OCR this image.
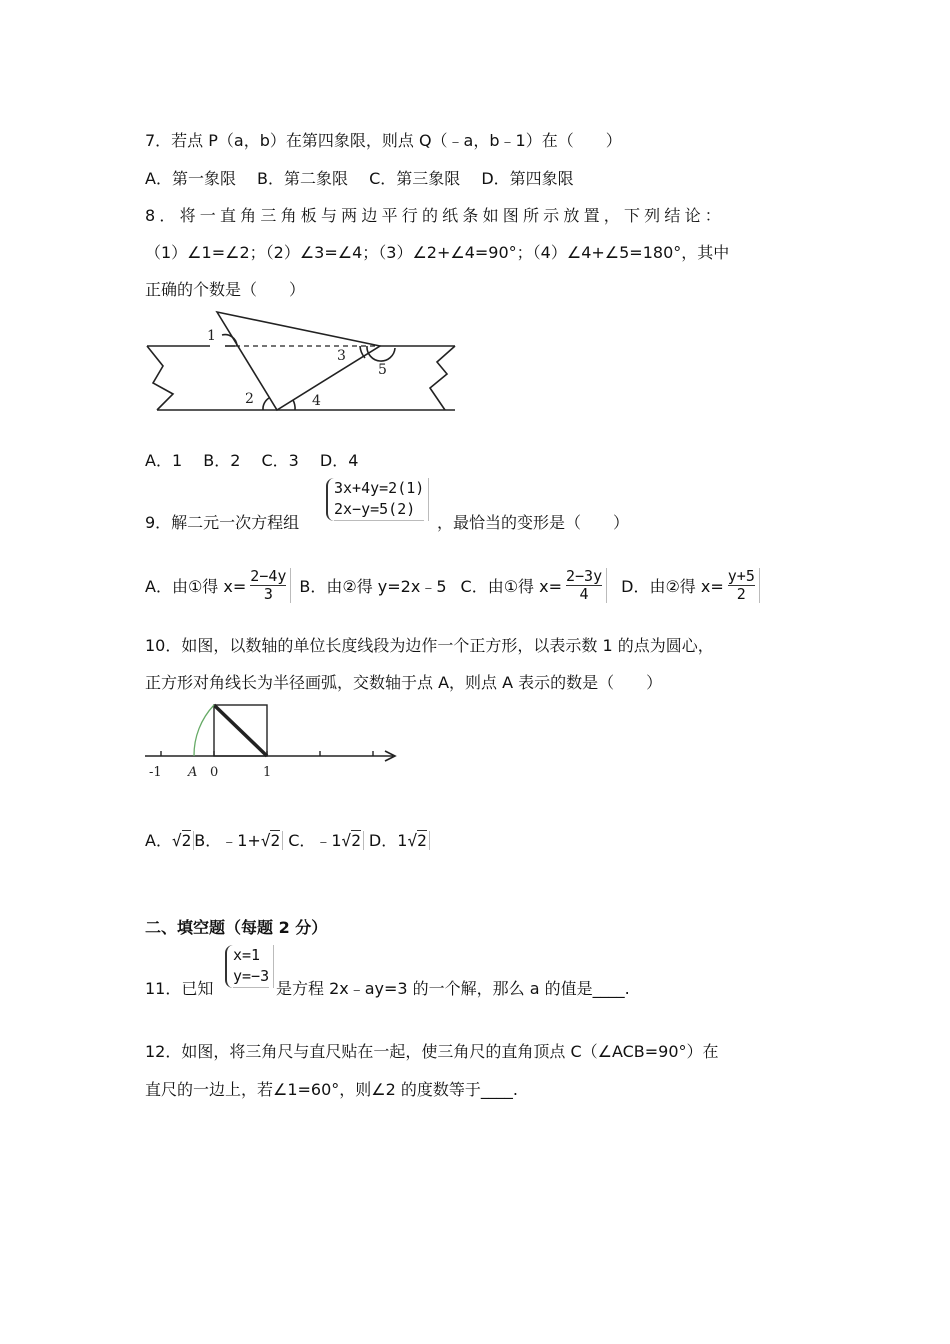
7．若点 P（a，b）在第四象限，则点 Q（﹣a，b﹣1）在（　　）
A．第一象限　 B．第二象限　 C．第三象限　 D．第四象限
8．将一直角三角板与两边平行的纸条如图所示放置，下列结论：
（1）∠1=∠2；（2）∠3=∠4；（3）∠2+∠4=90°；（4）∠4+∠5=180°，其中
正确的个数是（　　）
1
2
3
4
5
A．1　 B．2　 C．3　 D．4
9．解二元一次方程组
3x+4y=2(1)
2x−y=5(2)
，最恰当的变形是（　　）
A．由①得 $x= \frac{2-4y}{3}$ B．由②得 y=2x﹣5 C．由①得 $x= \frac{2-3y}{4}$ D．由②得 $x= \frac{y+5}{2}$
10．如图，以数轴的单位长度线段为边作一个正方形，以表示数 1 的点为圆心，
正方形对角线长为半径画弧，交数轴于点 A，则点 A 表示的数是（　　）
-1 A 0	1
A．√2 B．﹣1+√2 C．﹣1√2 D．1√2
二、填空题（每题 2 分）
11．已知
x=1
y=−3
是方程 2x﹣ay=3 的一个解，那么 a 的值是____.
12．如图，将三角尺与直尺贴在一起，使三角尺的直角顶点 C（∠ACB=90°）在
直尺的一边上，若∠1=60°，则∠2 的度数等于____.
